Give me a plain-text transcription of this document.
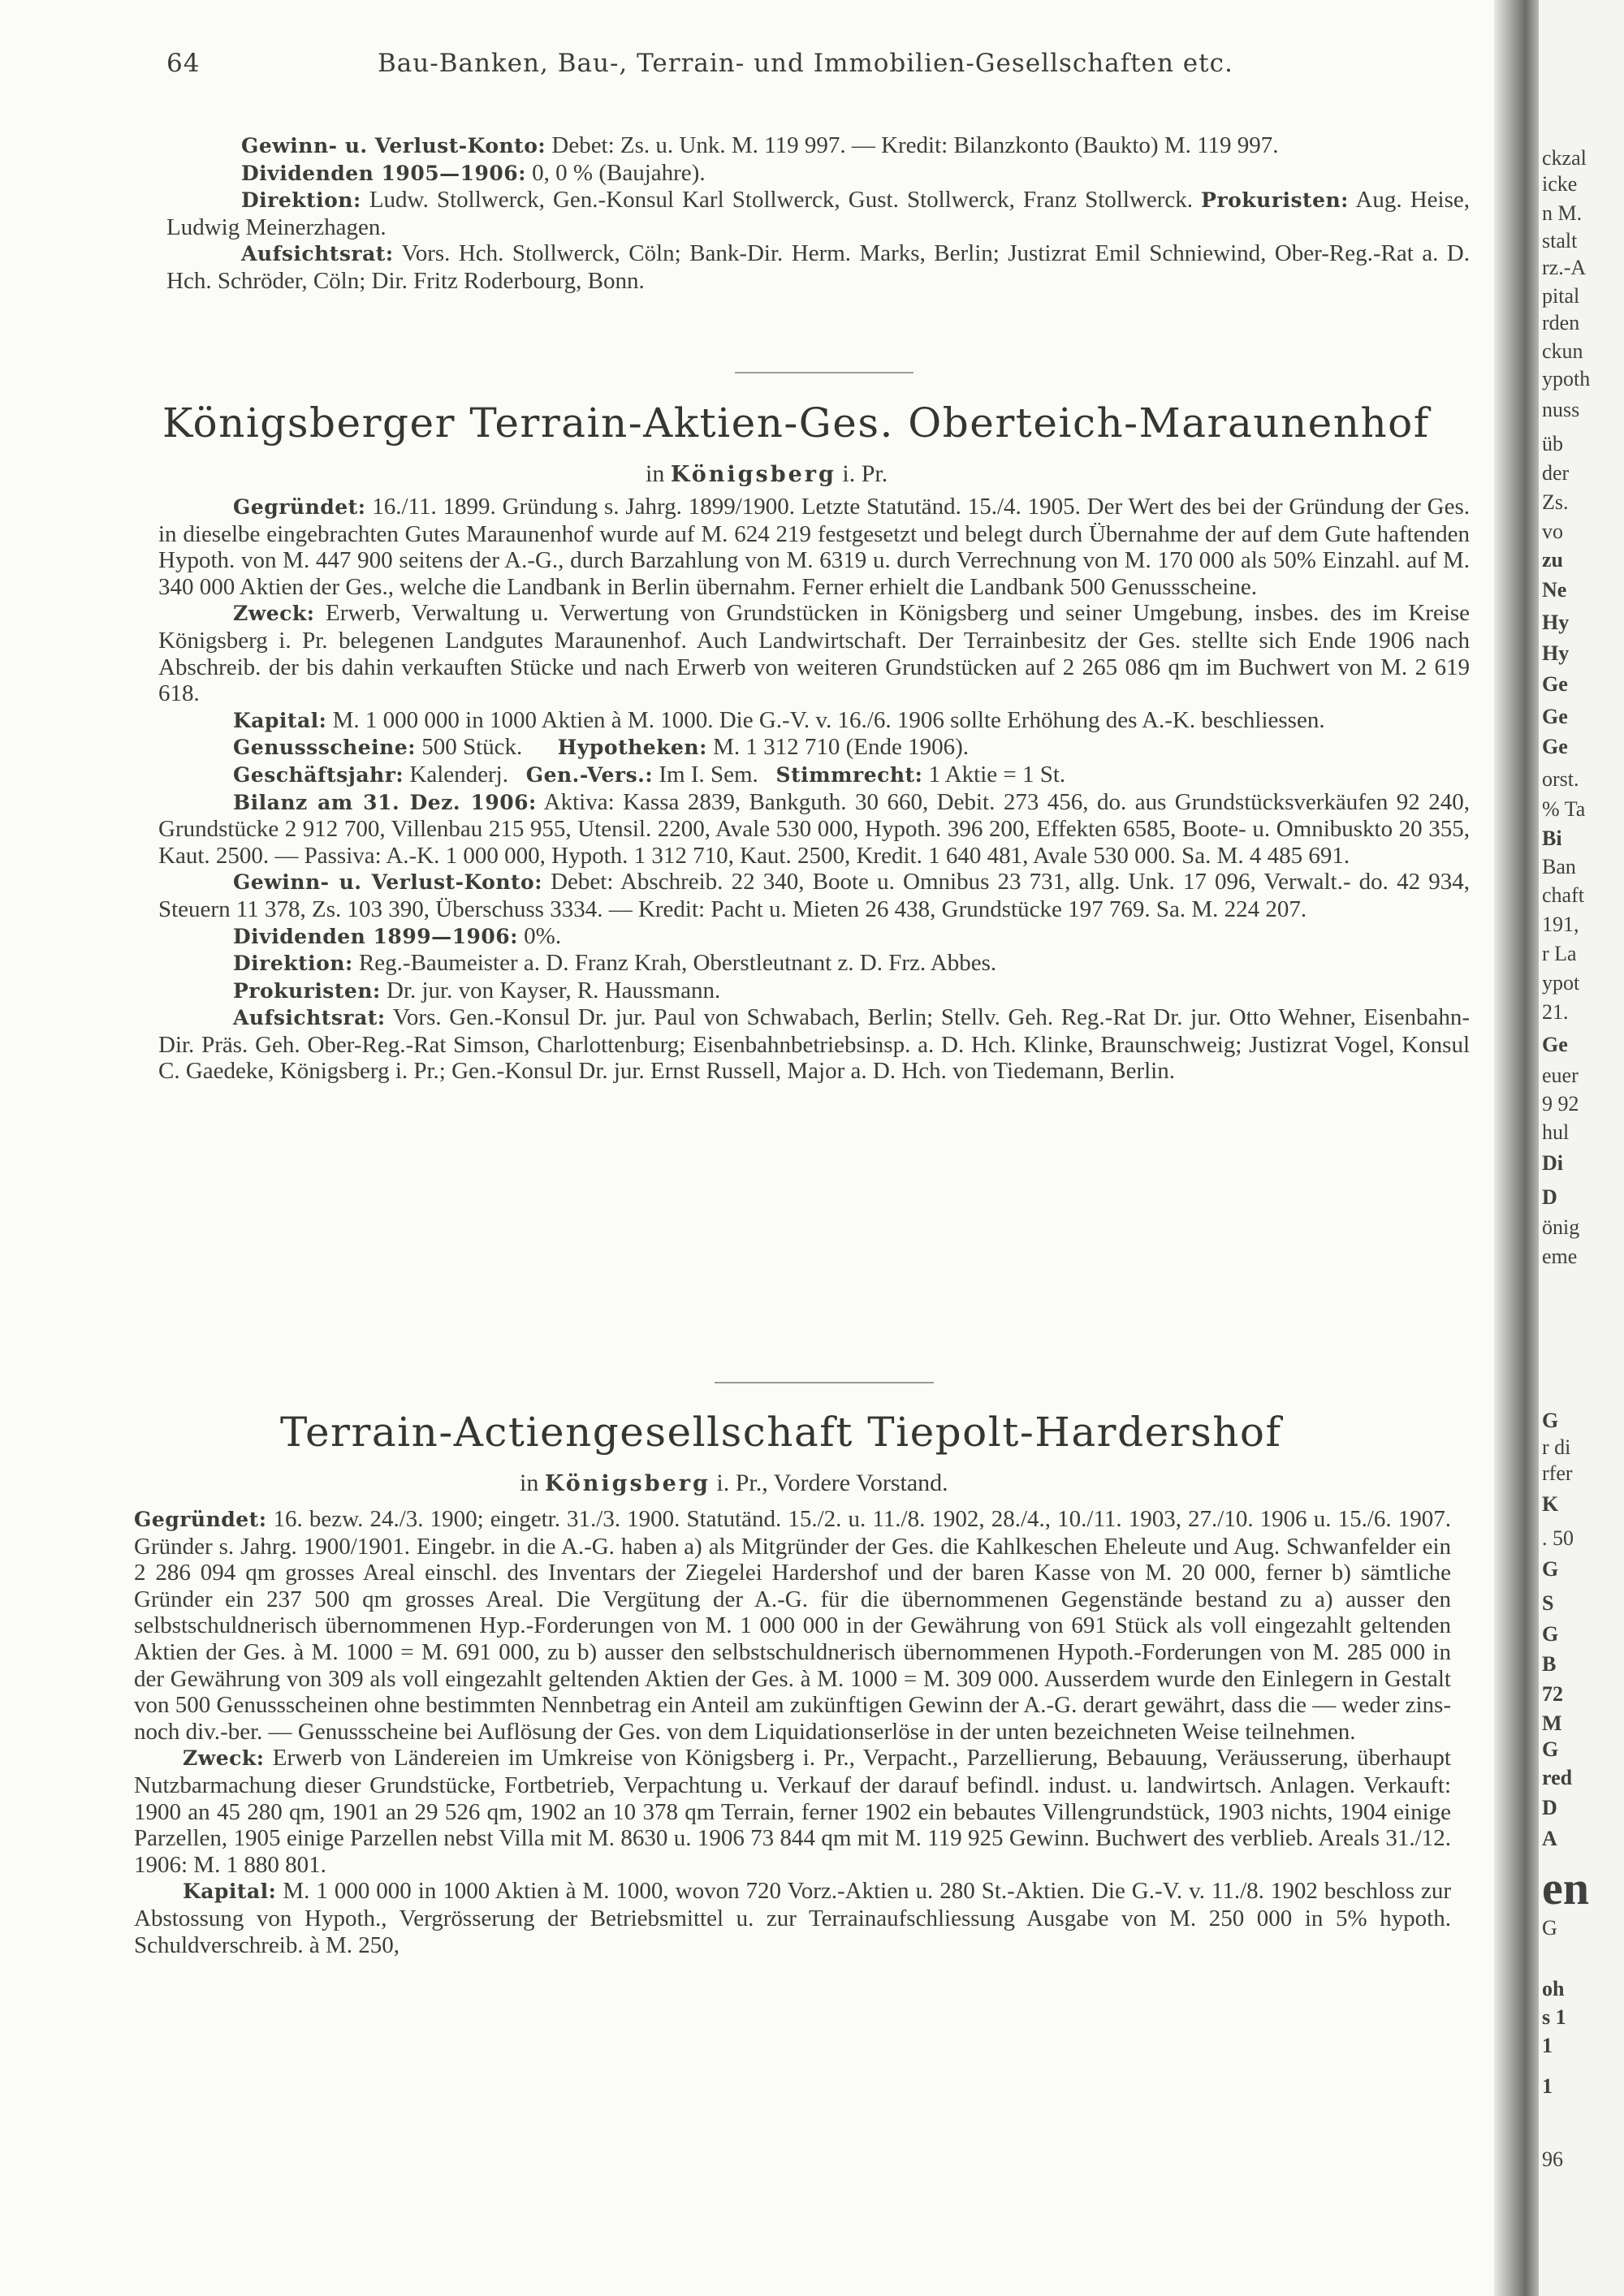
64	Bau-Banken, Bau-, Terrain- und Immobilien-Gesellschaften etc.

Gewinn- u. Verlust-Konto: Debet: Zs. u. Unk. M. 119 997. — Kredit: Bilanzkonto (Baukto) M. 119 997.

Dividenden 1905—1906: 0, 0 % (Baujahre).

Direktion: Ludw. Stollwerck, Gen.-Konsul Karl Stollwerck, Gust. Stollwerck, Franz Stollwerck. Prokuristen: Aug. Heise, Ludwig Meinerzhagen.

Aufsichtsrat: Vors. Hch. Stollwerck, Cöln; Bank-Dir. Herm. Marks, Berlin; Justizrat Emil Schniewind, Ober-Reg.-Rat a. D. Hch. Schröder, Cöln; Dir. Fritz Roderbourg, Bonn.

Königsberger Terrain-Aktien-Ges. Oberteich-Maraunenhof
in Königsberg i. Pr.

Gegründet: 16./11. 1899. Gründung s. Jahrg. 1899/1900. Letzte Statutänd. 15./4. 1905. Der Wert des bei der Gründung der Ges. in dieselbe eingebrachten Gutes Maraunenhof wurde auf M. 624 219 festgesetzt und belegt durch Übernahme der auf dem Gute haftenden Hypoth. von M. 447 900 seitens der A.-G., durch Barzahlung von M. 6319 u. durch Verrechnung von M. 170 000 als 50% Einzahl. auf M. 340 000 Aktien der Ges., welche die Landbank in Berlin übernahm. Ferner erhielt die Landbank 500 Genussscheine.

Zweck: Erwerb, Verwaltung u. Verwertung von Grundstücken in Königsberg und seiner Umgebung, insbes. des im Kreise Königsberg i. Pr. belegenen Landgutes Maraunenhof. Auch Landwirtschaft. Der Terrainbesitz der Ges. stellte sich Ende 1906 nach Abschreib. der bis dahin verkauften Stücke und nach Erwerb von weiteren Grundstücken auf 2 265 086 qm im Buchwert von M. 2 619 618.

Kapital: M. 1 000 000 in 1000 Aktien à M. 1000. Die G.-V. v. 16./6. 1906 sollte Erhöhung des A.-K. beschliessen.

Genussscheine: 500 Stück. Hypotheken: M. 1 312 710 (Ende 1906).

Geschäftsjahr: Kalenderj. Gen.-Vers.: Im I. Sem. Stimmrecht: 1 Aktie = 1 St.

Bilanz am 31. Dez. 1906: Aktiva: Kassa 2839, Bankguth. 30 660, Debit. 273 456, do. aus Grundstücksverkäufen 92 240, Grundstücke 2 912 700, Villenbau 215 955, Utensil. 2200, Avale 530 000, Hypoth. 396 200, Effekten 6585, Boote- u. Omnibuskto 20 355, Kaut. 2500. — Passiva: A.-K. 1 000 000, Hypoth. 1 312 710, Kaut. 2500, Kredit. 1 640 481, Avale 530 000. Sa. M. 4 485 691.

Gewinn- u. Verlust-Konto: Debet: Abschreib. 22 340, Boote u. Omnibus 23 731, allg. Unk. 17 096, Verwalt.- do. 42 934, Steuern 11 378, Zs. 103 390, Überschuss 3334. — Kredit: Pacht u. Mieten 26 438, Grundstücke 197 769. Sa. M. 224 207.

Dividenden 1899—1906: 0%.

Direktion: Reg.-Baumeister a. D. Franz Krah, Oberstleutnant z. D. Frz. Abbes.

Prokuristen: Dr. jur. von Kayser, R. Haussmann.

Aufsichtsrat: Vors. Gen.-Konsul Dr. jur. Paul von Schwabach, Berlin; Stellv. Geh. Reg.-Rat Dr. jur. Otto Wehner, Eisenbahn-Dir. Präs. Geh. Ober-Reg.-Rat Simson, Charlottenburg; Eisenbahnbetriebsinsp. a. D. Hch. Klinke, Braunschweig; Justizrat Vogel, Konsul C. Gaedeke, Königsberg i. Pr.; Gen.-Konsul Dr. jur. Ernst Russell, Major a. D. Hch. von Tiedemann, Berlin.

Terrain-Actiengesellschaft Tiepolt-Hardershof
in Königsberg i. Pr., Vordere Vorstand.

Gegründet: 16. bezw. 24./3. 1900; eingetr. 31./3. 1900. Statutänd. 15./2. u. 11./8. 1902, 28./4., 10./11. 1903, 27./10. 1906 u. 15./6. 1907. Gründer s. Jahrg. 1900/1901. Eingebr. in die A.-G. haben a) als Mitgründer der Ges. die Kahlkeschen Eheleute und Aug. Schwanfelder ein 2 286 094 qm grosses Areal einschl. des Inventars der Ziegelei Hardershof und der baren Kasse von M. 20 000, ferner b) sämtliche Gründer ein 237 500 qm grosses Areal. Die Vergütung der A.-G. für die übernommenen Gegenstände bestand zu a) ausser den selbstschuldnerisch übernommenen Hyp.-Forderungen von M. 1 000 000 in der Gewährung von 691 Stück als voll eingezahlt geltenden Aktien der Ges. à M. 1000 = M. 691 000, zu b) ausser den selbstschuldnerisch übernommenen Hypoth.-Forderungen von M. 285 000 in der Gewährung von 309 als voll eingezahlt geltenden Aktien der Ges. à M. 1000 = M. 309 000. Ausserdem wurde den Einlegern in Gestalt von 500 Genussscheinen ohne bestimmten Nennbetrag ein Anteil am zukünftigen Gewinn der A.-G. derart gewährt, dass die — weder zins- noch div.-ber. — Genussscheine bei Auflösung der Ges. von dem Liquidationserlöse in der unten bezeichneten Weise teilnehmen.

Zweck: Erwerb von Ländereien im Umkreise von Königsberg i. Pr., Verpacht., Parzellierung, Bebauung, Veräusserung, überhaupt Nutzbarmachung dieser Grundstücke, Fortbetrieb, Verpachtung u. Verkauf der darauf befindl. indust. u. landwirtsch. Anlagen. Verkauft: 1900 an 45 280 qm, 1901 an 29 526 qm, 1902 an 10 378 qm Terrain, ferner 1902 ein bebautes Villengrundstück, 1903 nichts, 1904 einige Parzellen, 1905 einige Parzellen nebst Villa mit M. 8630 u. 1906 73 844 qm mit M. 119 925 Gewinn. Buchwert des verblieb. Areals 31./12. 1906: M. 1 880 801.

Kapital: M. 1 000 000 in 1000 Aktien à M. 1000, wovon 720 Vorz.-Aktien u. 280 St.-Aktien. Die G.-V. v. 11./8. 1902 beschloss zur Abstossung von Hypoth., Vergrösserung der Betriebsmittel u. zur Terrainaufschliessung Ausgabe von M. 250 000 in 5% hypoth. Schuldverschreib. à M. 250,

ckzal
icke
n M.
stalt
rz.-A
pital
rden
ckun
ypoth
nuss
üb
der
Zs.
vo
zu
Ne
Hy
Hy
Ge
Ge
Ge
orst.
% Ta
Bi
Ban
chaft
191,
r La
ypot
21.
Ge
euer
9 92
hul
Di
D
önig
eme
G
r di
rfer
K
. 50
G
S
G
B
72
M
G
red
D
A
en
G
oh
s 1
1
1
96
